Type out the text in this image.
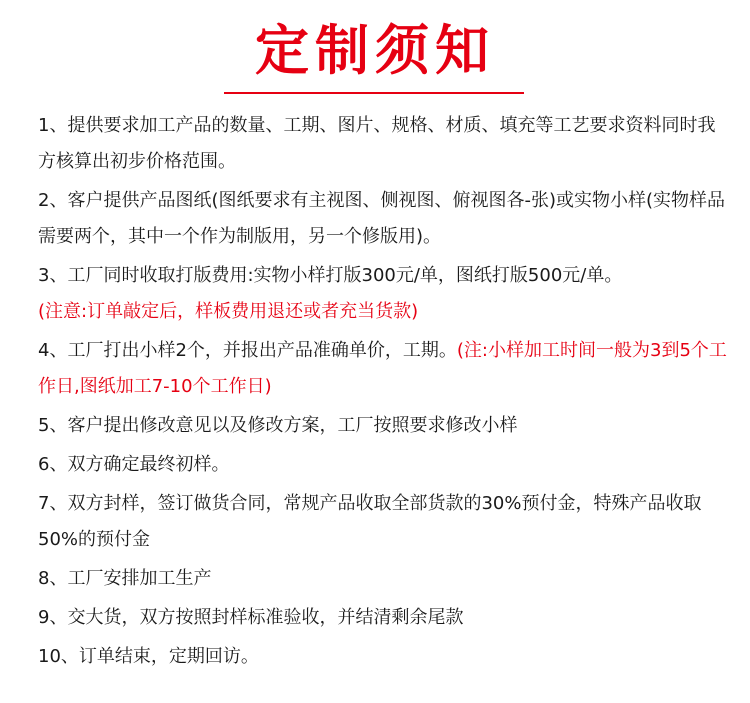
定制须知

1、提供要求加工产品的数量、工期、图片、规格、材质、填充等工艺要求资料同时我方核算出初步价格范围。

2、客户提供产品图纸(图纸要求有主视图、侧视图、俯视图各-张)或实物小样(实物样品需要两个，其中一个作为制版用，另一个修版用)。

3、工厂同时收取打版费用:实物小样打版300元/单，图纸打版500元/单。
(注意:订单敲定后，样板费用退还或者充当货款)

4、工厂打出小样2个，并报出产品准确单价，工期。(注:小样加工时间一般为3到5个工作日,图纸加工7-10个工作日)

5、客户提出修改意见以及修改方案，工厂按照要求修改小样

6、双方确定最终初样。

7、双方封样，签订做货合同，常规产品收取全部货款的30%预付金，特殊产品收取50%的预付金

8、工厂安排加工生产

9、交大货，双方按照封样标准验收，并结清剩余尾款

10、订单结束，定期回访。
